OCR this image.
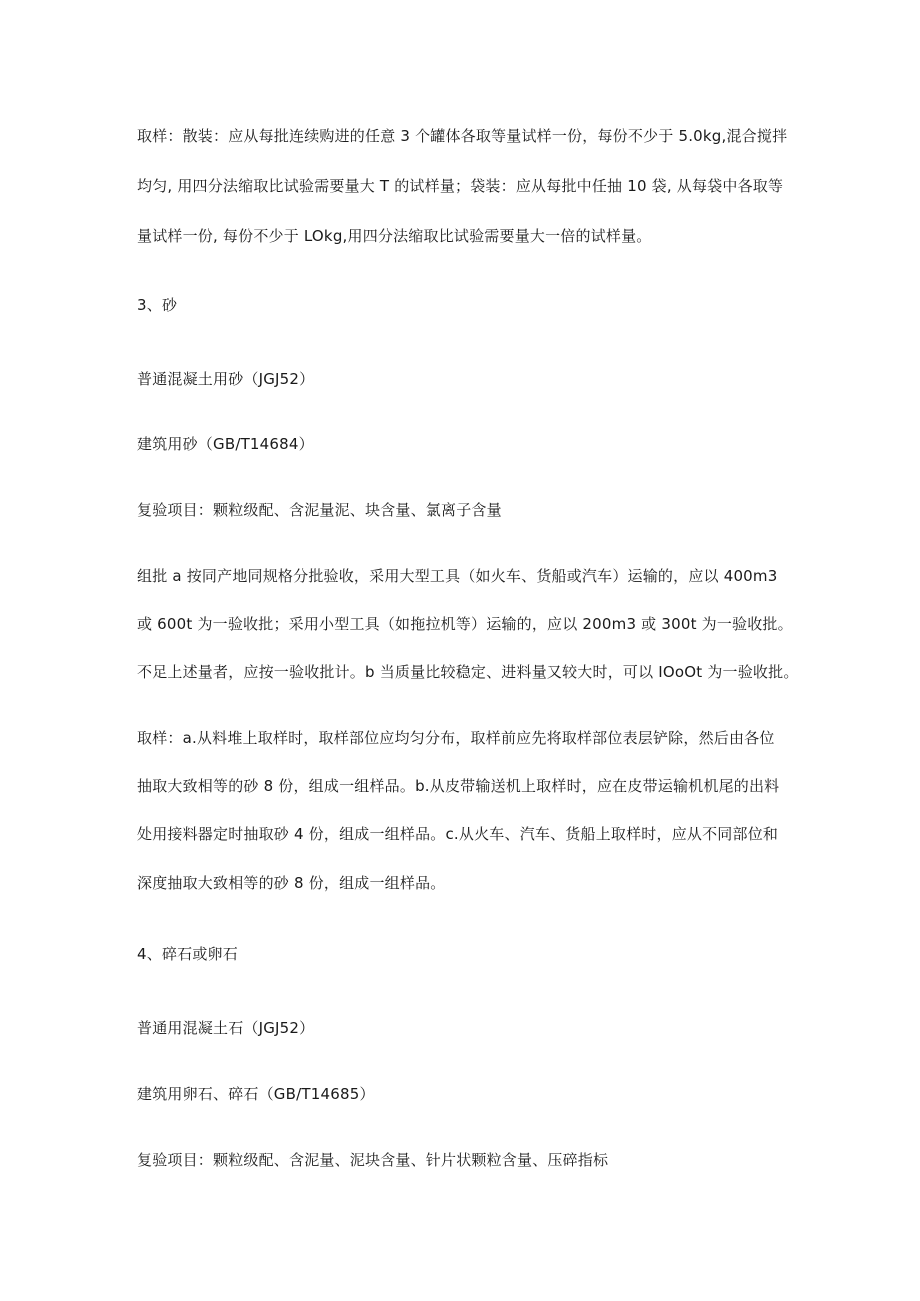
取样：散装：应从每批连续购进的任意 3 个罐体各取等量试样一份，每份不少于 5.0kg,混合搅拌

均匀, 用四分法缩取比试验需要量大 T 的试样量；袋装：应从每批中任抽 10 袋, 从每袋中各取等

量试样一份, 每份不少于 LOkg,用四分法缩取比试验需要量大一倍的试样量。

3、砂

普通混凝土用砂（JGJ52）

建筑用砂（GB/T14684）

复验项目：颗粒级配、含泥量泥、块含量、氯离子含量

组批 a 按同产地同规格分批验收，采用大型工具（如火车、货船或汽车）运输的，应以 400m3

或 600t 为一验收批；采用小型工具（如拖拉机等）运输的，应以 200m3 或 300t 为一验收批。

不足上述量者，应按一验收批计。b 当质量比较稳定、进料量又较大时，可以 IOoOt 为一验收批。

取样：a.从料堆上取样时，取样部位应均匀分布，取样前应先将取样部位表层铲除，然后由各位

抽取大致相等的砂 8 份，组成一组样品。b.从皮带输送机上取样时，应在皮带运输机机尾的出料

处用接料器定时抽取砂 4 份，组成一组样品。c.从火车、汽车、货船上取样时，应从不同部位和

深度抽取大致相等的砂 8 份，组成一组样品。

4、碎石或卵石

普通用混凝土石（JGJ52）

建筑用卵石、碎石（GB/T14685）

复验项目：颗粒级配、含泥量、泥块含量、针片状颗粒含量、压碎指标
